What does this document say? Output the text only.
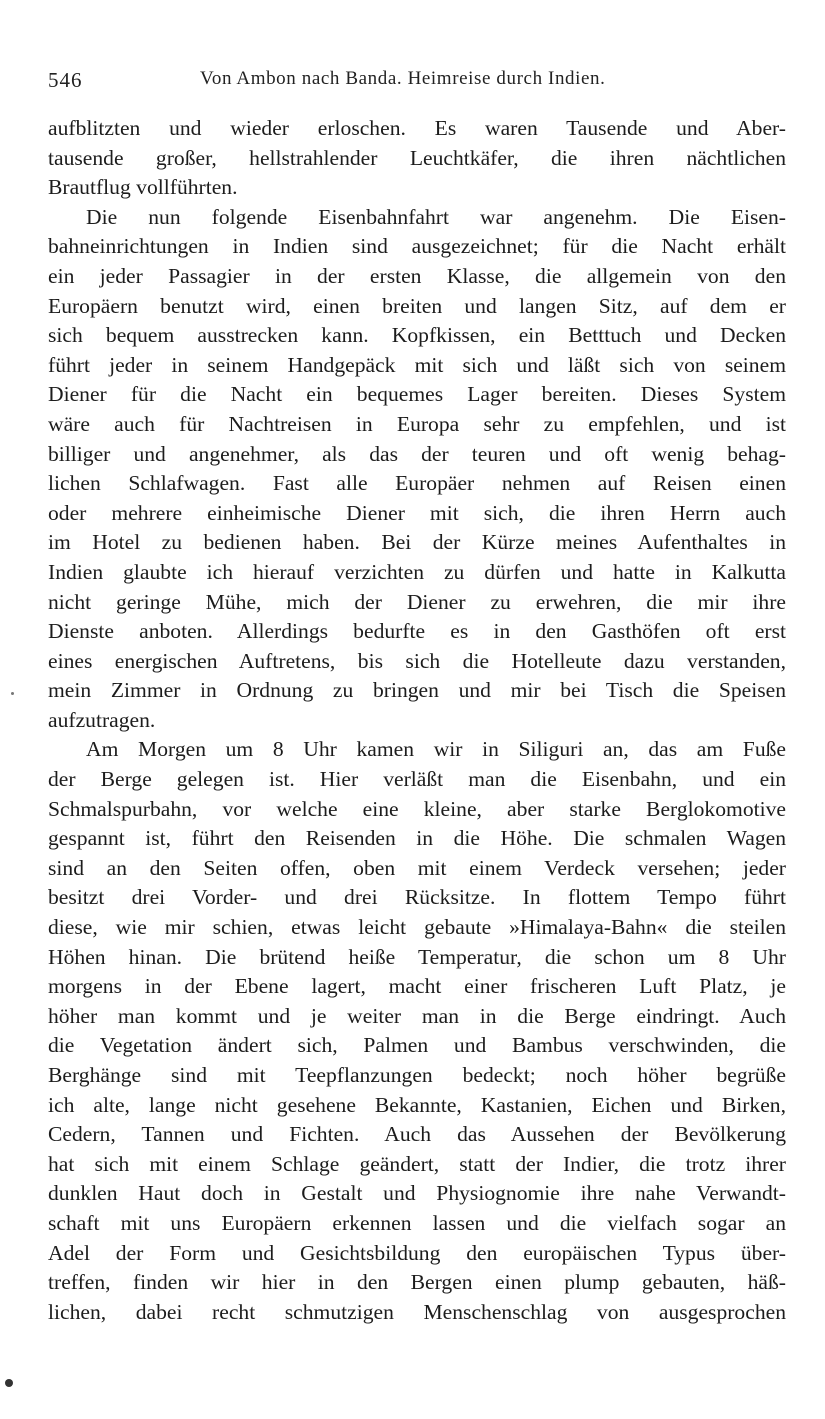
546	Von Ambon nach Banda. Heimreise durch Indien.
aufblitzten und wieder erloschen. Es waren Tausende und Aber-
tausende großer, hellstrahlender Leuchtkäfer, die ihren nächtlichen
Brautflug vollführten.
Die nun folgende Eisenbahnfahrt war angenehm. Die Eisen-
bahneinrichtungen in Indien sind ausgezeichnet; für die Nacht erhält
ein jeder Passagier in der ersten Klasse, die allgemein von den
Europäern benutzt wird, einen breiten und langen Sitz, auf dem er
sich bequem ausstrecken kann. Kopfkissen, ein Betttuch und Decken
führt jeder in seinem Handgepäck mit sich und läßt sich von seinem
Diener für die Nacht ein bequemes Lager bereiten. Dieses System
wäre auch für Nachtreisen in Europa sehr zu empfehlen, und ist
billiger und angenehmer, als das der teuren und oft wenig behag-
lichen Schlafwagen. Fast alle Europäer nehmen auf Reisen einen
oder mehrere einheimische Diener mit sich, die ihren Herrn auch
im Hotel zu bedienen haben. Bei der Kürze meines Aufenthaltes in
Indien glaubte ich hierauf verzichten zu dürfen und hatte in Kalkutta
nicht geringe Mühe, mich der Diener zu erwehren, die mir ihre
Dienste anboten. Allerdings bedurfte es in den Gasthöfen oft erst
eines energischen Auftretens, bis sich die Hotelleute dazu verstanden,
mein Zimmer in Ordnung zu bringen und mir bei Tisch die Speisen
aufzutragen.
Am Morgen um 8 Uhr kamen wir in Siliguri an, das am Fuße
der Berge gelegen ist. Hier verläßt man die Eisenbahn, und ein
Schmalspurbahn, vor welche eine kleine, aber starke Berglokomotive
gespannt ist, führt den Reisenden in die Höhe. Die schmalen Wagen
sind an den Seiten offen, oben mit einem Verdeck versehen; jeder
besitzt drei Vorder- und drei Rücksitze. In flottem Tempo führt
diese, wie mir schien, etwas leicht gebaute »Himalaya-Bahn« die steilen
Höhen hinan. Die brütend heiße Temperatur, die schon um 8 Uhr
morgens in der Ebene lagert, macht einer frischeren Luft Platz, je
höher man kommt und je weiter man in die Berge eindringt. Auch
die Vegetation ändert sich, Palmen und Bambus verschwinden, die
Berghänge sind mit Teepflanzungen bedeckt; noch höher begrüße
ich alte, lange nicht gesehene Bekannte, Kastanien, Eichen und Birken,
Cedern, Tannen und Fichten. Auch das Aussehen der Bevölkerung
hat sich mit einem Schlage geändert, statt der Indier, die trotz ihrer
dunklen Haut doch in Gestalt und Physiognomie ihre nahe Verwandt-
schaft mit uns Europäern erkennen lassen und die vielfach sogar an
Adel der Form und Gesichtsbildung den europäischen Typus über-
treffen, finden wir hier in den Bergen einen plump gebauten, häß-
lichen, dabei recht schmutzigen Menschenschlag von ausgesprochen
